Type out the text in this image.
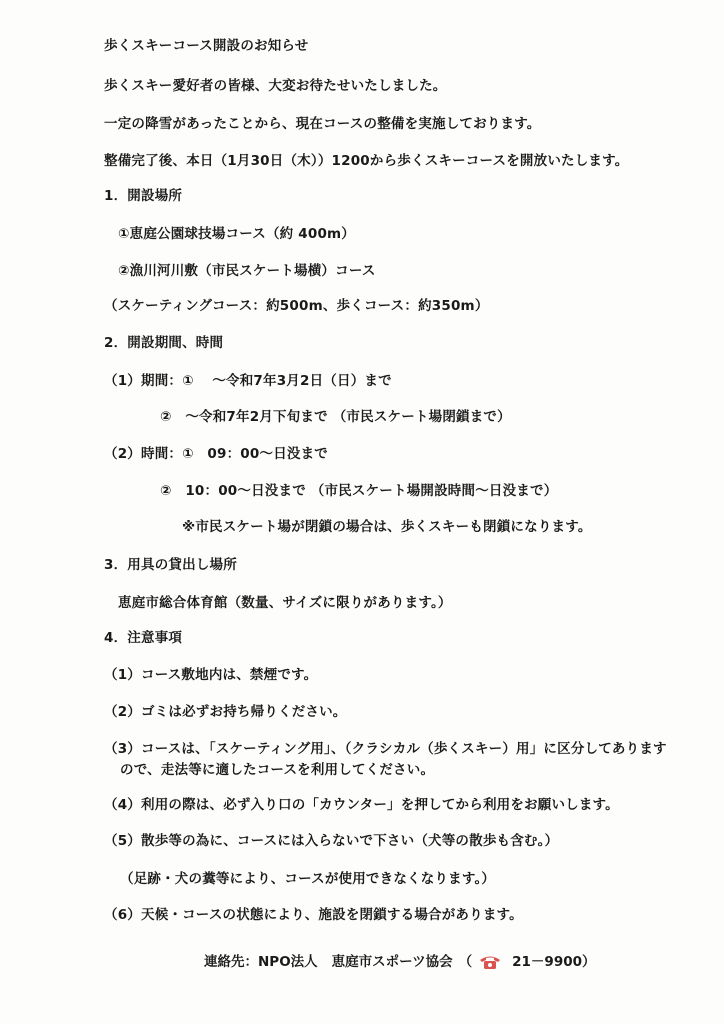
歩くスキーコース開設のお知らせ
歩くスキー愛好者の皆様、大変お待たせいたしました。
一定の降雪があったことから、現在コースの整備を実施しております。
整備完了後、本日（1月30日（木））1200から歩くスキーコースを開放いたします。
1．開設場所
①恵庭公園球技場コース（約 400m）
②漁川河川敷（市民スケート場横）コース
（スケーティングコース：約500m、歩くコース：約350m）
2．開設期間、時間
（1）期間：①　 ～令和7年3月2日（日）まで
②　～令和7年2月下旬まで （市民スケート場閉鎖まで）
（2）時間：①　09：00～日没まで
②　10：00～日没まで （市民スケート場開設時間～日没まで）
※市民スケート場が閉鎖の場合は、歩くスキーも閉鎖になります。
3．用具の貸出し場所
恵庭市総合体育館（数量、サイズに限りがあります。）
4．注意事項
（1）コース敷地内は、禁煙です。
（2）ゴミは必ずお持ち帰りください。
（3）コースは、「スケーティング用」、（クラシカル（歩くスキー）用」に区分してあります
ので、走法等に適したコースを利用してください。
（4）利用の際は、必ず入り口の「カウンター」を押してから利用をお願いします。
（5）散歩等の為に、コースには入らないで下さい（犬等の散歩も含む。）
（足跡・犬の糞等により、コースが使用できなくなります。）
（6）天候・コースの状態により、施設を閉鎖する場合があります。
連絡先：NPO法人 恵庭市スポーツ協会 （	21－9900）
